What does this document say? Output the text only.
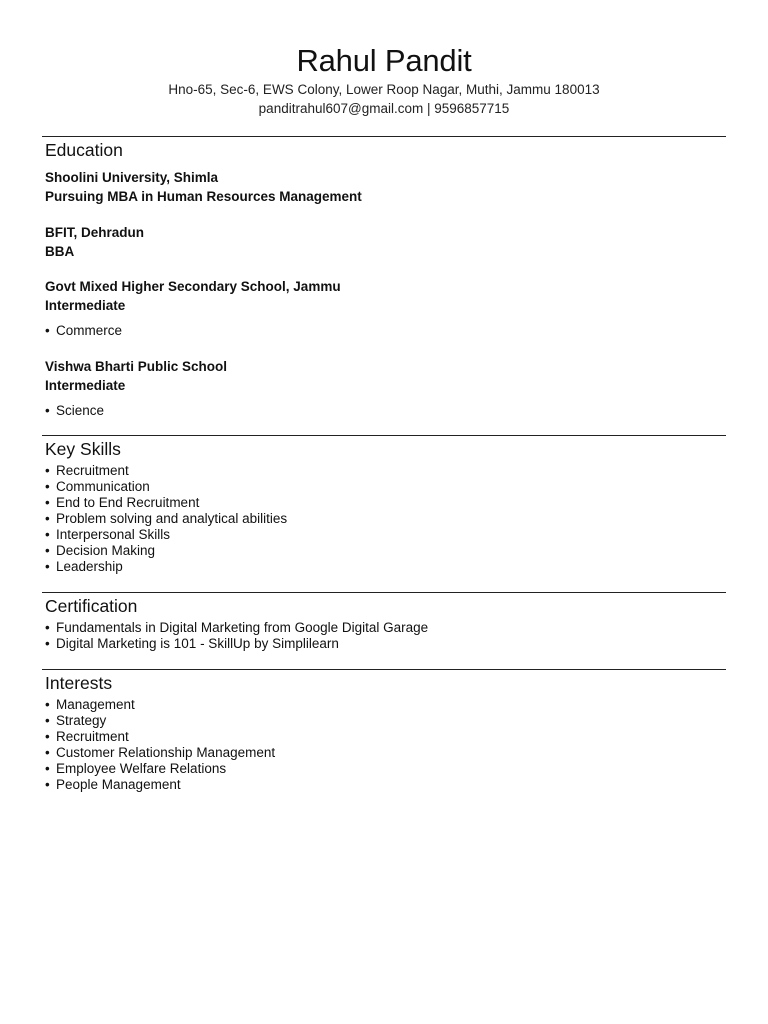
Rahul Pandit
Hno-65, Sec-6, EWS Colony, Lower Roop Nagar, Muthi, Jammu 180013
panditrahul607@gmail.com | 9596857715
Education
Shoolini University, Shimla
Pursuing MBA in Human Resources Management
BFIT, Dehradun
BBA
Govt Mixed Higher Secondary School, Jammu
Intermediate
• Commerce
Vishwa Bharti Public School
Intermediate
• Science
Key Skills
• Recruitment
• Communication
• End to End Recruitment
• Problem solving and analytical abilities
• Interpersonal Skills
• Decision Making
• Leadership
Certification
• Fundamentals in Digital Marketing from Google Digital Garage
• Digital Marketing is 101 - SkillUp by Simplilearn
Interests
• Management
• Strategy
• Recruitment
• Customer Relationship Management
• Employee Welfare Relations
• People Management
